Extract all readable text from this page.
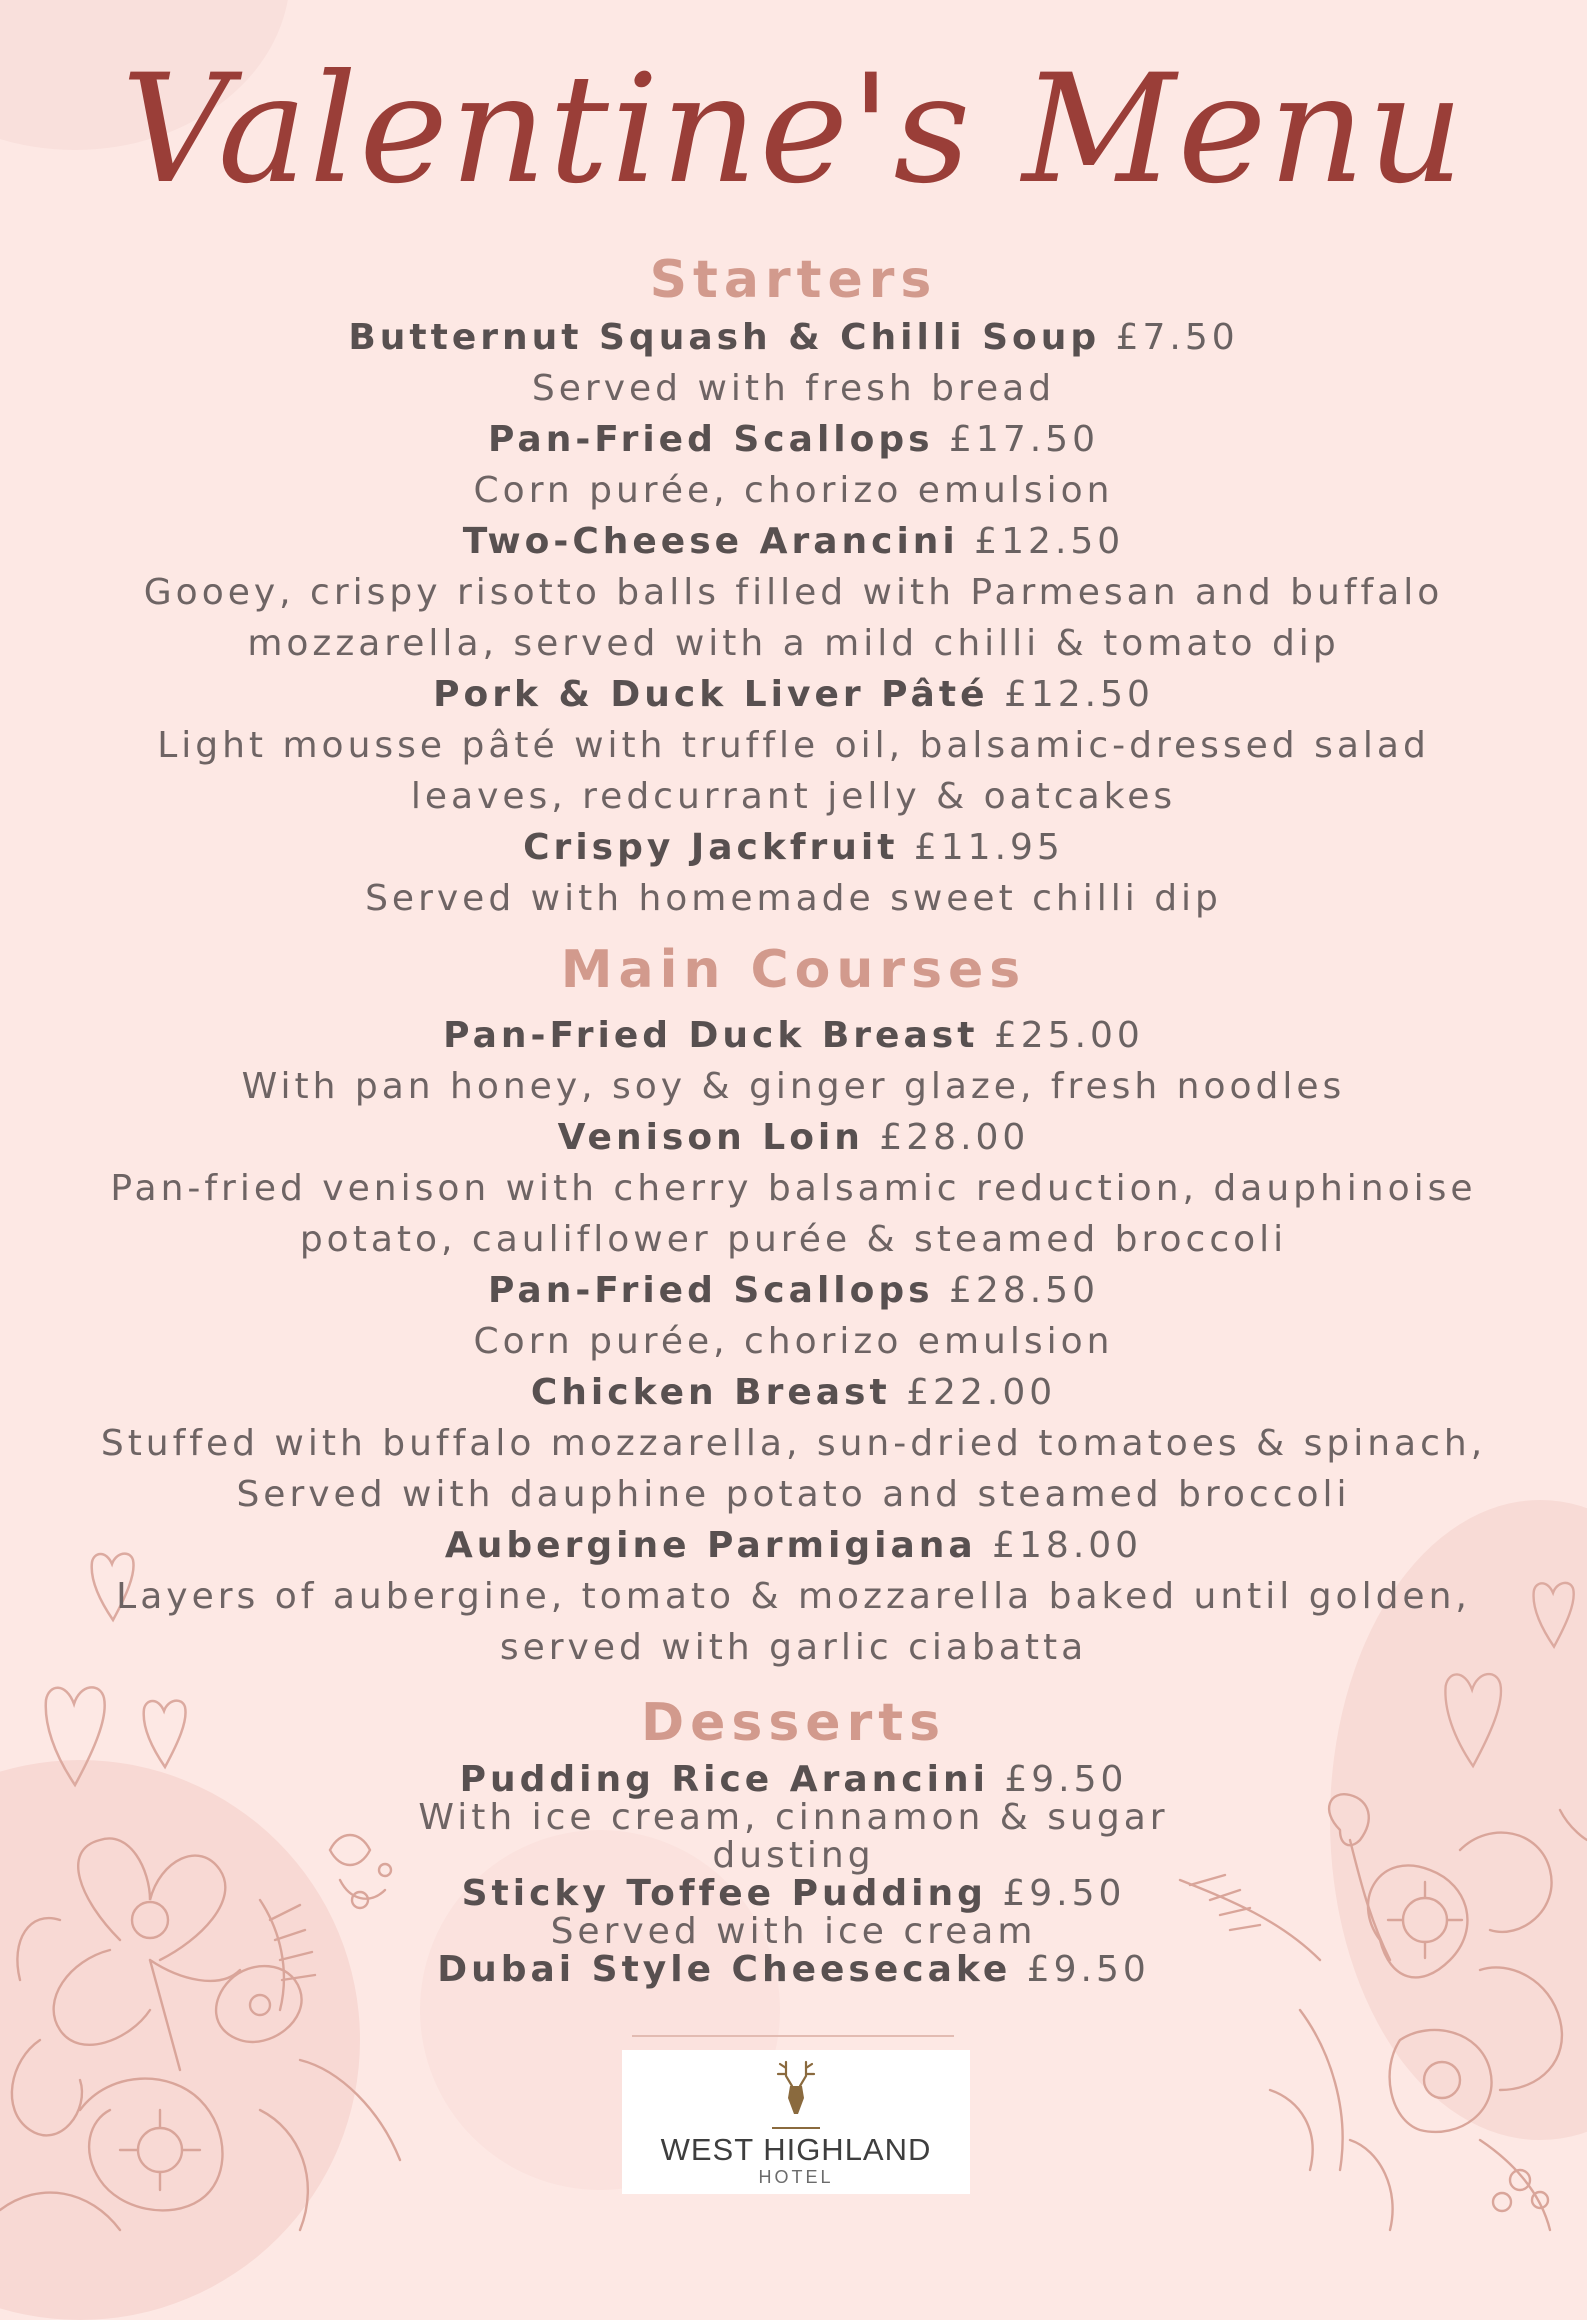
Valentine's Menu
Starters

Butternut Squash & Chilli Soup £7.50

Served with fresh bread

Pan-Fried Scallops £17.50

Corn purée, chorizo emulsion

Two-Cheese Arancini £12.50

Gooey, crispy risotto balls filled with Parmesan and buffalo

mozzarella, served with a mild chilli & tomato dip

Pork & Duck Liver Pâté £12.50

Light mousse pâté with truffle oil, balsamic-dressed salad

leaves, redcurrant jelly & oatcakes

Crispy Jackfruit £11.95

Served with homemade sweet chilli dip

Main Courses

Pan-Fried Duck Breast £25.00

With pan honey, soy & ginger glaze, fresh noodles

Venison Loin £28.00

Pan-fried venison with cherry balsamic reduction, dauphinoise

potato, cauliflower purée & steamed broccoli

Pan-Fried Scallops £28.50

Corn purée, chorizo emulsion

Chicken Breast £22.00

Stuffed with buffalo mozzarella, sun-dried tomatoes & spinach,

Served with dauphine potato and steamed broccoli

Aubergine Parmigiana £18.00

Layers of aubergine, tomato & mozzarella baked until golden,

served with garlic ciabatta

Desserts

Pudding Rice Arancini £9.50

With ice cream, cinnamon & sugar

dusting

Sticky Toffee Pudding £9.50

Served with ice cream

Dubai Style Cheesecake £9.50

WEST HIGHLAND

HOTEL
